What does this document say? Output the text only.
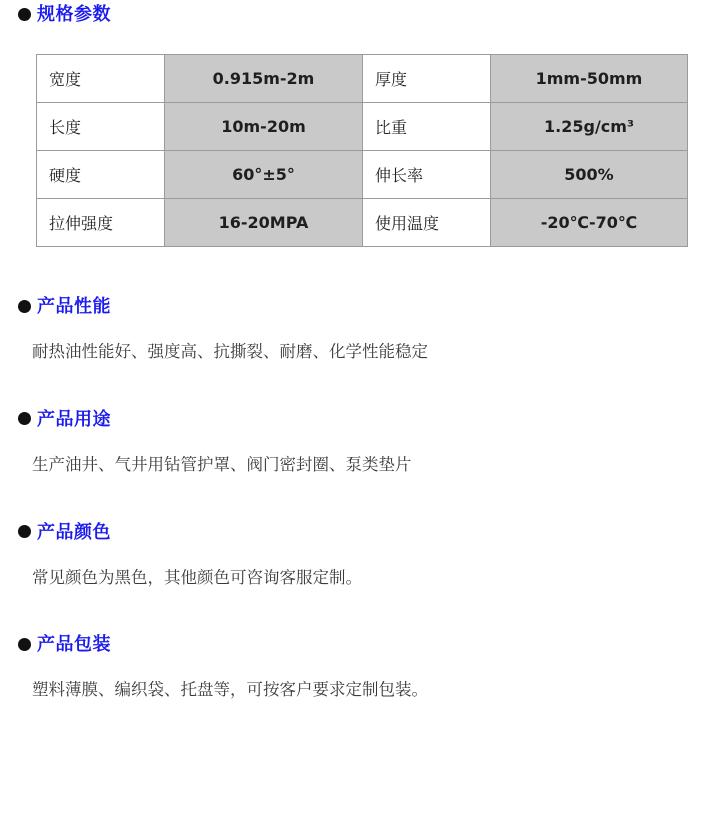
规格参数
宽度	0.915m-2m	厚度	1mm-50mm
长度	10m-20m	比重	1.25g/cm³
硬度	60°±5°	伸长率	500%
拉伸强度	16-20MPA	使用温度	-20℃-70℃
产品性能
耐热油性能好、强度高、抗撕裂、耐磨、化学性能稳定
产品用途
生产油井、气井用钻管护罩、阀门密封圈、泵类垫片
产品颜色
常见颜色为黑色，其他颜色可咨询客服定制。
产品包装
塑料薄膜、编织袋、托盘等，可按客户要求定制包装。
